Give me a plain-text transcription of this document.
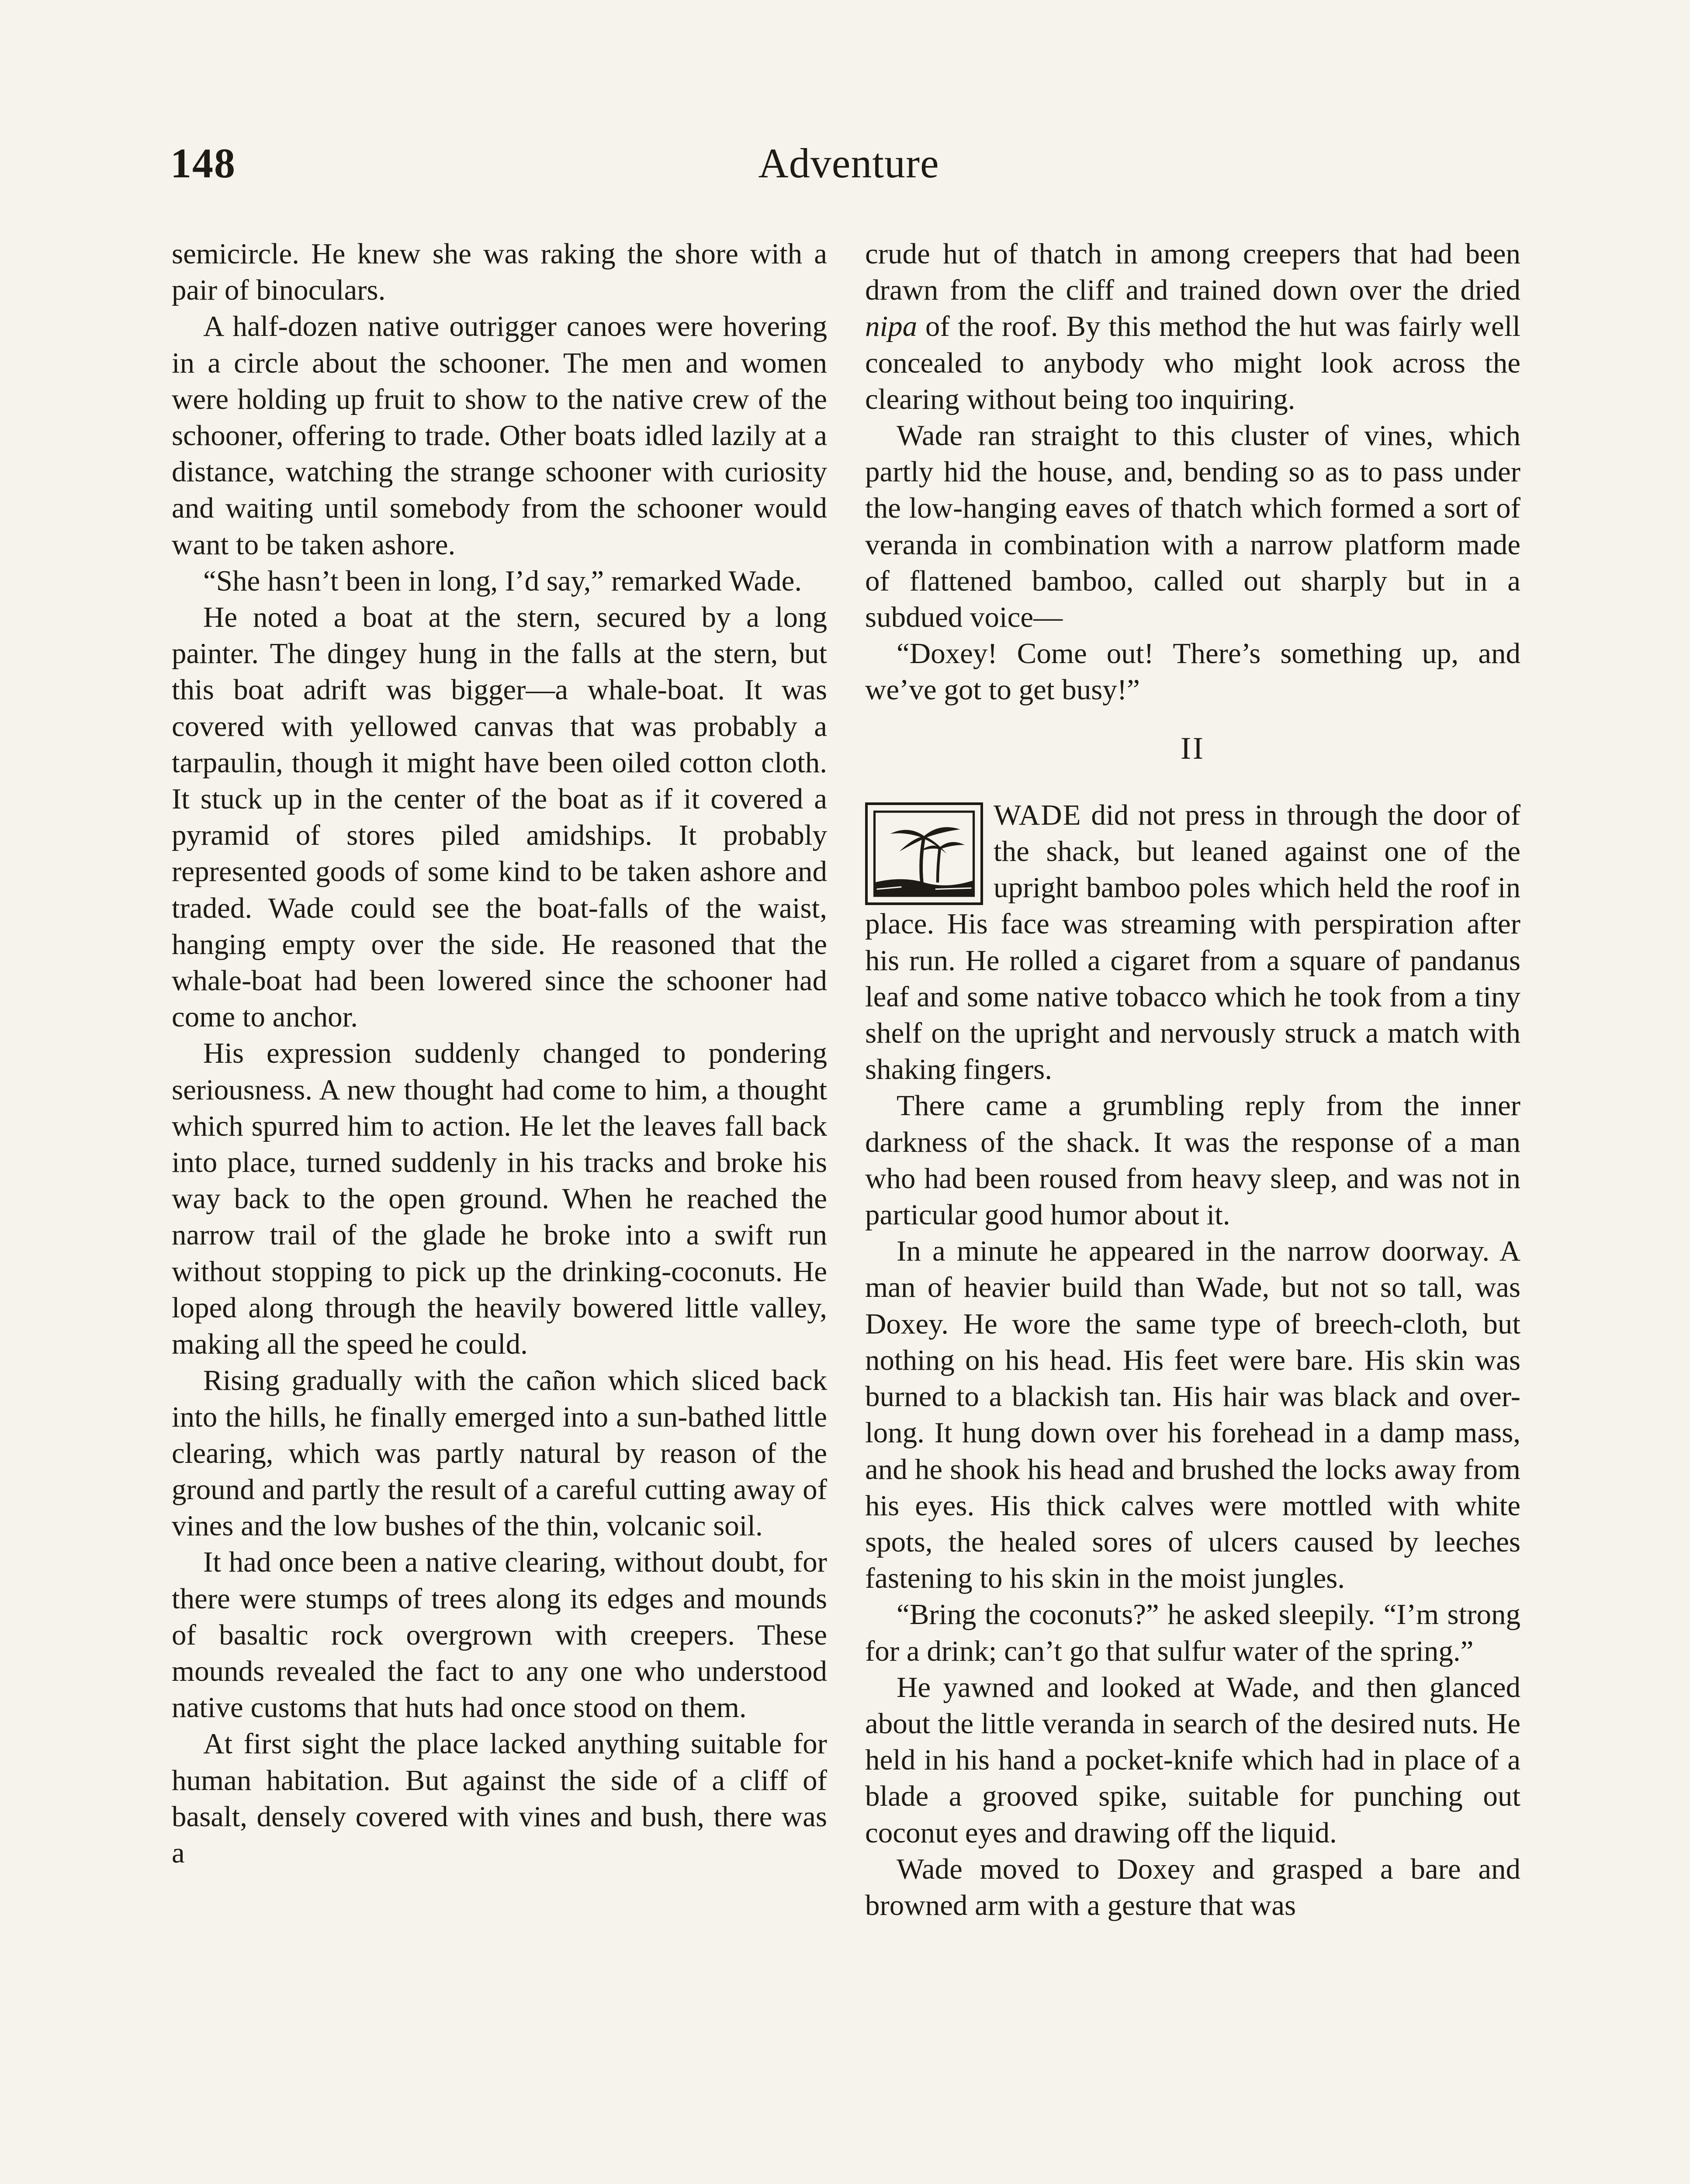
148	Adventure

semicircle. He knew she was raking the shore with a pair of binoculars.

A half-dozen native outrigger canoes were hovering in a circle about the schooner. The men and women were holding up fruit to show to the native crew of the schooner, offering to trade. Other boats idled lazily at a distance, watching the strange schooner with curiosity and waiting until somebody from the schooner would want to be taken ashore.

“She hasn’t been in long, I’d say,” remarked Wade.

He noted a boat at the stern, secured by a long painter. The dingey hung in the falls at the stern, but this boat adrift was bigger—a whale-boat. It was covered with yellowed canvas that was probably a tarpaulin, though it might have been oiled cotton cloth. It stuck up in the center of the boat as if it covered a pyramid of stores piled amidships. It probably represented goods of some kind to be taken ashore and traded. Wade could see the boat-falls of the waist, hanging empty over the side. He reasoned that the whale-boat had been lowered since the schooner had come to anchor.

His expression suddenly changed to pondering seriousness. A new thought had come to him, a thought which spurred him to action. He let the leaves fall back into place, turned suddenly in his tracks and broke his way back to the open ground. When he reached the narrow trail of the glade he broke into a swift run without stopping to pick up the drinking-coconuts. He loped along through the heavily bowered little valley, making all the speed he could.

Rising gradually with the cañon which sliced back into the hills, he finally emerged into a sun-bathed little clearing, which was partly natural by reason of the ground and partly the result of a careful cutting away of vines and the low bushes of the thin, volcanic soil.

It had once been a native clearing, without doubt, for there were stumps of trees along its edges and mounds of basaltic rock overgrown with creepers. These mounds revealed the fact to any one who understood native customs that huts had once stood on them.

At first sight the place lacked anything suitable for human habitation. But against the side of a cliff of basalt, densely covered with vines and bush, there was a

crude hut of thatch in among creepers that had been drawn from the cliff and trained down over the dried nipa of the roof. By this method the hut was fairly well concealed to anybody who might look across the clearing without being too inquiring.

Wade ran straight to this cluster of vines, which partly hid the house, and, bending so as to pass under the low-hanging eaves of thatch which formed a sort of veranda in combination with a narrow platform made of flattened bamboo, called out sharply but in a subdued voice—

“Doxey! Come out! There’s something up, and we’ve got to get busy!”

II

WADE did not press in through the door of the shack, but leaned against one of the upright bamboo poles which held the roof in place. His face was streaming with perspiration after his run. He rolled a cigaret from a square of pandanus leaf and some native tobacco which he took from a tiny shelf on the upright and nervously struck a match with shaking fingers.

There came a grumbling reply from the inner darkness of the shack. It was the response of a man who had been roused from heavy sleep, and was not in particular good humor about it.

In a minute he appeared in the narrow doorway. A man of heavier build than Wade, but not so tall, was Doxey. He wore the same type of breech-cloth, but nothing on his head. His feet were bare. His skin was burned to a blackish tan. His hair was black and over-long. It hung down over his forehead in a damp mass, and he shook his head and brushed the locks away from his eyes. His thick calves were mottled with white spots, the healed sores of ulcers caused by leeches fastening to his skin in the moist jungles.

“Bring the coconuts?” he asked sleepily. “I’m strong for a drink; can’t go that sulfur water of the spring.”

He yawned and looked at Wade, and then glanced about the little veranda in search of the desired nuts. He held in his hand a pocket-knife which had in place of a blade a grooved spike, suitable for punching out coconut eyes and drawing off the liquid.

Wade moved to Doxey and grasped a bare and browned arm with a gesture that was
